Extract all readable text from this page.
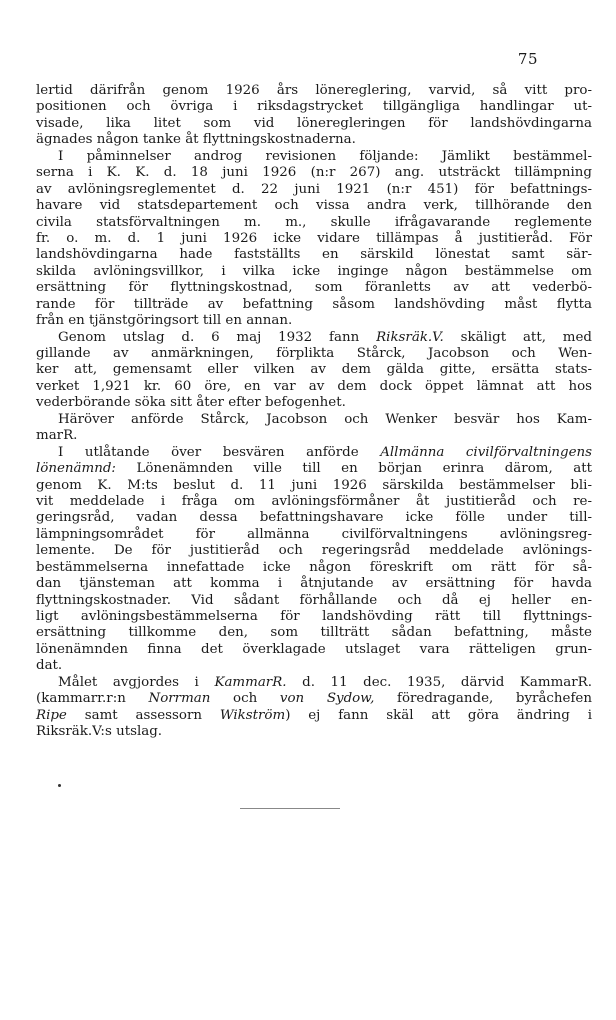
75
lertid därifrån genom 1926 års lönereglering, varvid, så vitt pro-
positionen och övriga i riksdagstrycket tillgängliga handlingar ut-
visade, lika litet som vid löneregleringen för landshövdingarna
ägnades någon tanke åt flyttningskostnaderna.
I påminnelser androg revisionen följande: Jämlikt bestämmel-
serna i K. K. d. 18 juni 1926 (n:r 267) ang. utsträckt tillämpning
av avlöningsreglementet d. 22 juni 1921 (n:r 451) för befattnings-
havare vid statsdepartement och vissa andra verk, tillhörande den
civila statsförvaltningen m. m., skulle ifrågavarande reglemente
fr. o. m. d. 1 juni 1926 icke vidare tillämpas å justitieråd. För
landshövdingarna hade fastställts en särskild lönestat samt sär-
skilda avlöningsvillkor, i vilka icke inginge någon bestämmelse om
ersättning för flyttningskostnad, som föranletts av att vederbö-
rande för tillträde av befattning såsom landshövding måst flytta
från en tjänstgöringsort till en annan.
Genom utslag d. 6 maj 1932 fann Riksräk.V. skäligt att, med
gillande av anmärkningen, förplikta Stårck, Jacobson och Wen-
ker att, gemensamt eller vilken av dem gälda gitte, ersätta stats-
verket 1,921 kr. 60 öre, en var av dem dock öppet lämnat att hos
vederbörande söka sitt åter efter befogenhet.
Häröver anförde Stårck, Jacobson och Wenker besvär hos Kam-
marR.
I utlåtande över besvären anförde Allmänna civilförvaltningens
lönenämnd: Lönenämnden ville till en början erinra därom, att
genom K. M:ts beslut d. 11 juni 1926 särskilda bestämmelser bli-
vit meddelade i fråga om avlöningsförmåner åt justitieråd och re-
geringsråd, vadan dessa befattningshavare icke fölle under till-
lämpningsområdet för allmänna civilförvaltningens avlöningsreg-
lemente. De för justitieråd och regeringsråd meddelade avlönings-
bestämmelserna innefattade icke någon föreskrift om rätt för så-
dan tjänsteman att komma i åtnjutande av ersättning för havda
flyttningskostnader. Vid sådant förhållande och då ej heller en-
ligt avlöningsbestämmelserna för landshövding rätt till flyttnings-
ersättning tillkomme den, som tillträtt sådan befattning, måste
lönenämnden finna det överklagade utslaget vara rätteligen grun-
dat.
Målet avgjordes i KammarR. d. 11 dec. 1935, därvid KammarR.
(kammarr.r:n Norrman och von Sydow, föredragande, byråchefen
Ripe samt assessorn Wikström) ej fann skäl att göra ändring i
Riksräk.V:s utslag.
